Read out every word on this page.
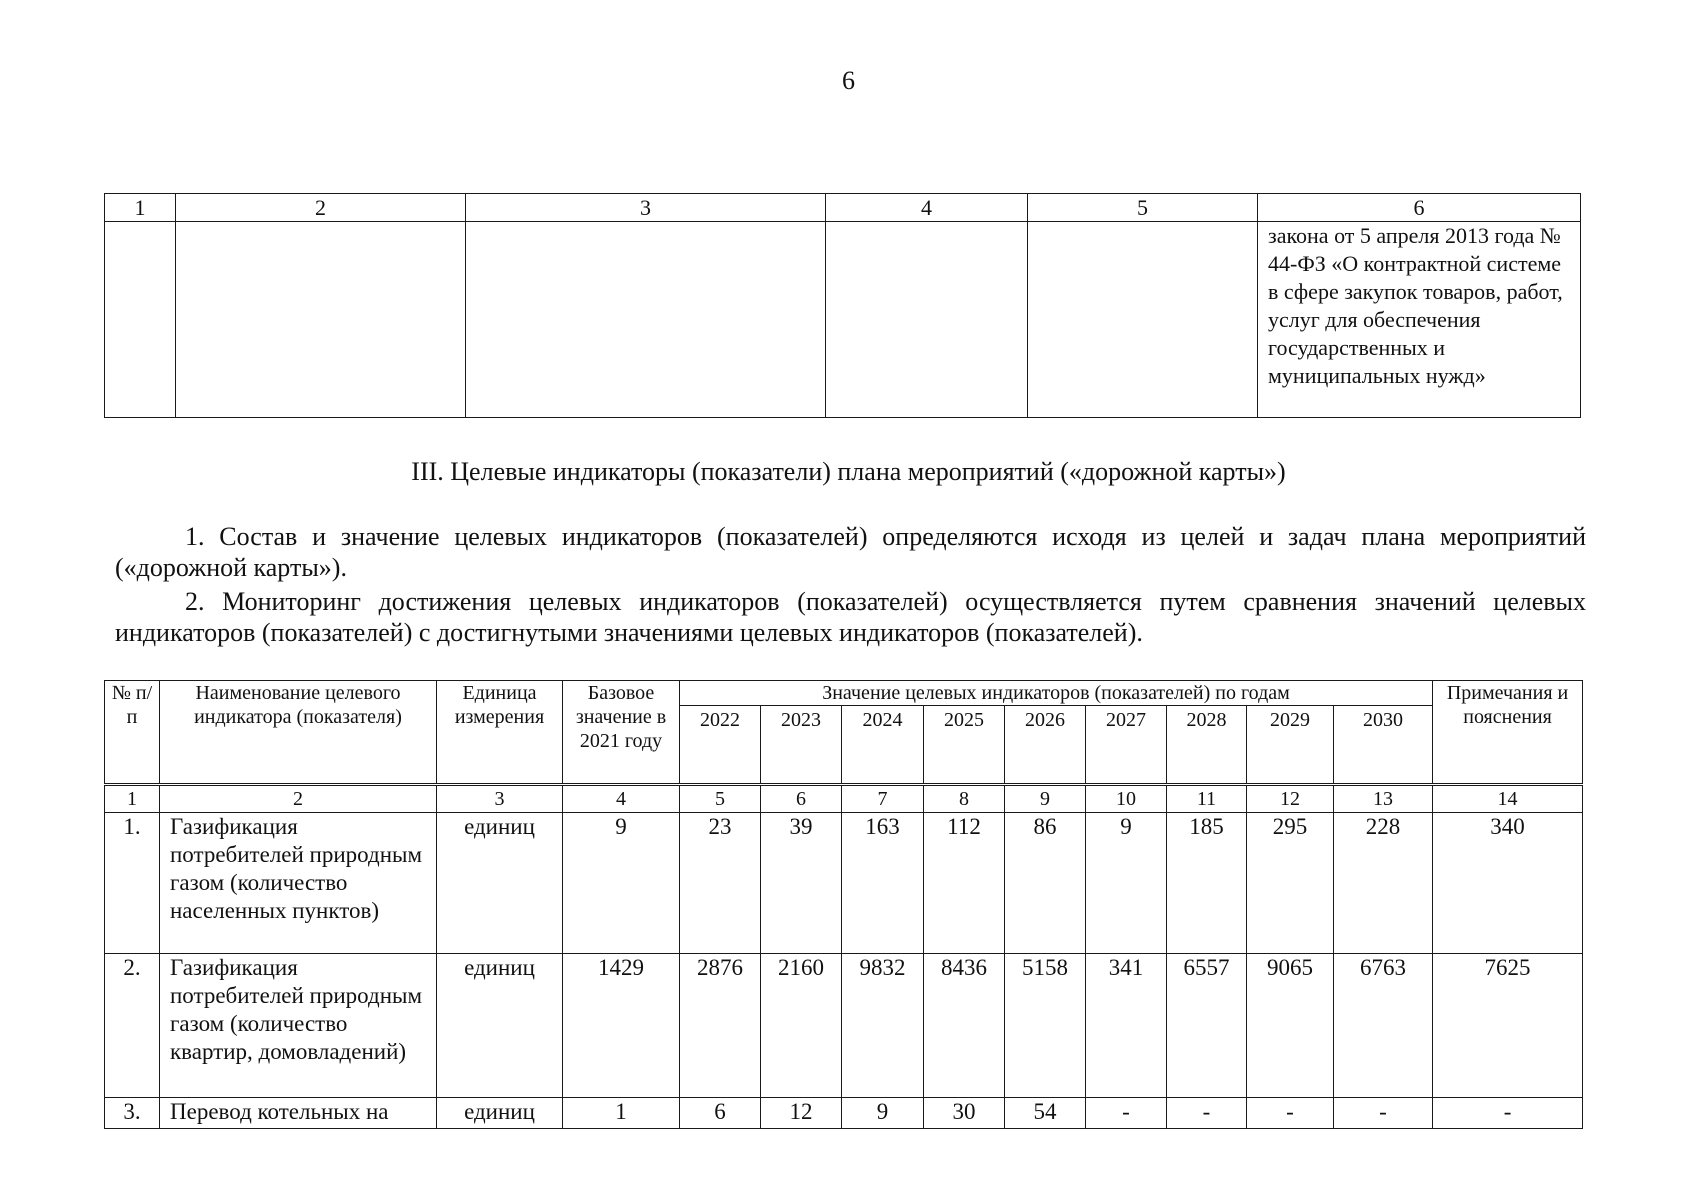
6
1	2	3	4	5	6
					закона от 5 апреля 2013 года № 44-ФЗ «О контрактной системе в сфере закупок товаров, работ, услуг для обеспечения государственных и муниципальных нужд»
III. Целевые индикаторы (показатели) плана мероприятий («дорожной карты»)

1. Состав и значение целевых индикаторов (показателей) определяются исходя из целей и задач плана мероприятий («дорожной карты»).

2. Мониторинг достижения целевых индикаторов (показателей) осуществляется путем сравнения значений целевых индикаторов (показателей) с достигнутыми значениями целевых индикаторов (показателей).

№ п/п	Наименование целевого индикатора (показателя)	Единица измерения	Базовое значение в 2021 году	Значение целевых индикаторов (показателей) по годам									Примечания и пояснения
				2022	2023	2024	2025	2026	2027	2028	2029	2030	
1	2	3	4	5	6	7	8	9	10	11	12	13	14
1.	Газификация потребителей природным газом (количество населенных пунктов)	единиц	9	23	39	163	112	86	9	185	295	228	340
2.	Газификация потребителей природным газом (количество квартир, домовладений)	единиц	1429	2876	2160	9832	8436	5158	341	6557	9065	6763	7625
3.	Перевод котельных на	единиц	1	6	12	9	30	54	-	-	-	-	-
